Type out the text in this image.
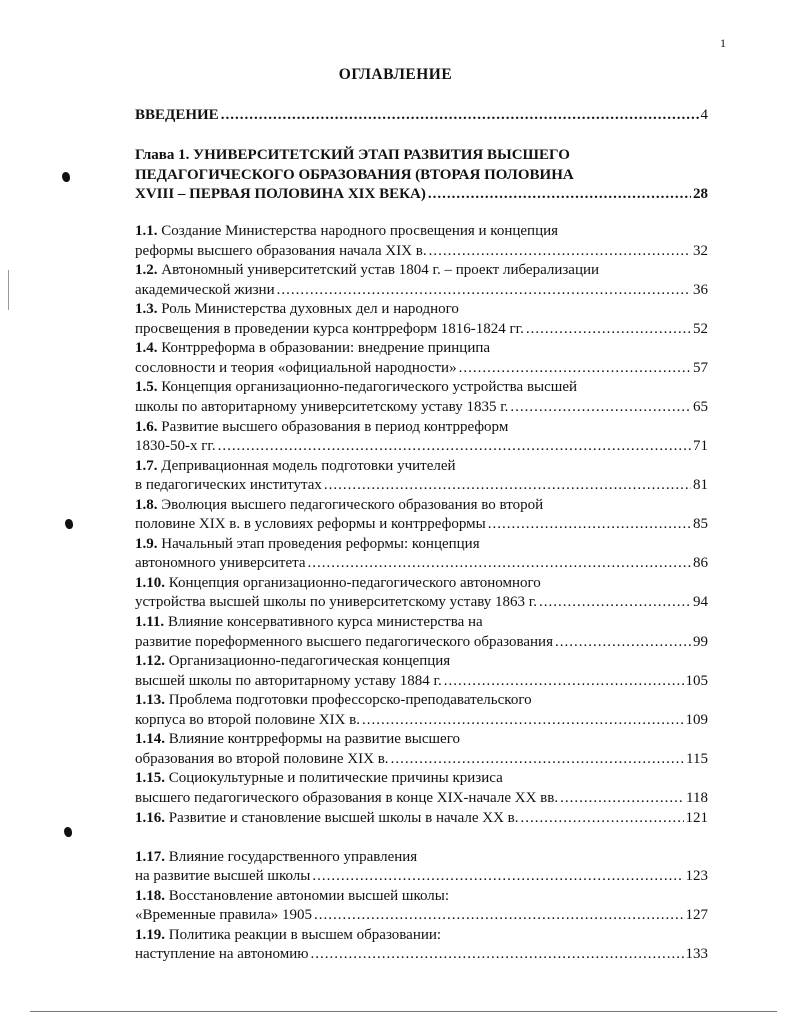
1
ОГЛАВЛЕНИЕ
ВВЕДЕНИЕ .....	4
Глава 1. УНИВЕРСИТЕТСКИЙ ЭТАП РАЗВИТИЯ ВЫСШЕГО
ПЕДАГОГИЧЕСКОГО ОБРАЗОВАНИЯ (ВТОРАЯ ПОЛОВИНА
XVIII – ПЕРВАЯ ПОЛОВИНА XIX ВЕКА) .....	28
1.1. Создание Министерства народного просвещения и концепция
реформы высшего образования начала XIX в. .....	32
1.2. Автономный университетский устав 1804 г. – проект либерализации
академической жизни .....	36
1.3. Роль Министерства духовных дел и народного
просвещения в проведении курса контрреформ 1816-1824 гг. .....	52
1.4. Контрреформа в образовании: внедрение принципа
сословности и теория «официальной народности» .....	57
1.5. Концепция организационно-педагогического устройства высшей
школы по авторитарному университетскому уставу 1835 г. .....	65
1.6. Развитие высшего образования в период контрреформ
1830-50-х гг. .....	71
1.7. Депривационная модель подготовки учителей
в педагогических институтах .....	81
1.8. Эволюция высшего педагогического образования во второй
половине XIX в. в условиях реформы и контрреформы .....	85
1.9. Начальный этап проведения реформы: концепция
автономного университета .....	86
1.10. Концепция организационно-педагогического автономного
устройства высшей школы по университетскому уставу 1863 г. .....	94
1.11. Влияние консервативного курса министерства на
развитие пореформенного высшего педагогического образования .....	99
1.12. Организационно-педагогическая концепция
высшей школы по авторитарному уставу 1884 г. .....	105
1.13. Проблема подготовки профессорско-преподавательского
корпуса во второй половине XIX в. .....	109
1.14. Влияние контрреформы на развитие высшего
образования во второй половине XIX в. .....	115
1.15. Социокультурные и политические причины кризиса
высшего педагогического образования в конце XIX-начале XX вв. .....	118
1.16. Развитие и становление высшей школы в начале XX в. .....	121
1.17. Влияние государственного управления
на развитие высшей школы .....	123
1.18. Восстановление автономии высшей школы:
«Временные правила» 1905 .....	127
1.19. Политика реакции в высшем образовании:
наступление на автономию .....	133
